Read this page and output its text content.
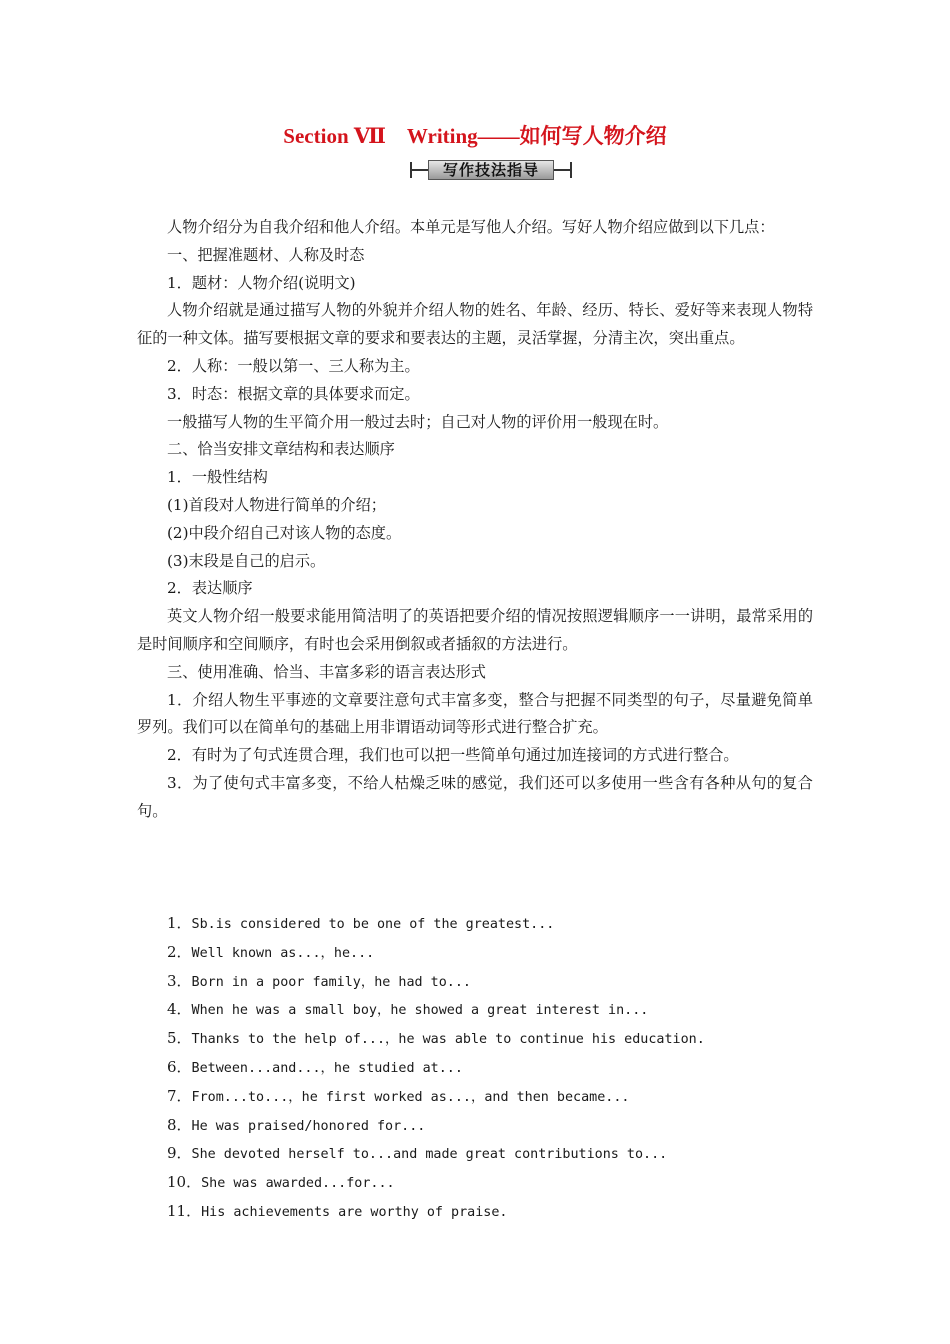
Section Ⅶ　Writing——如何写人物介绍
写作技法指导

人物介绍分为自我介绍和他人介绍。本单元是写他人介绍。写好人物介绍应做到以下几点：

一、把握准题材、人称及时态

1．题材：人物介绍(说明文)

人物介绍就是通过描写人物的外貌并介绍人物的姓名、年龄、经历、特长、爱好等来表现人物特征的一种文体。描写要根据文章的要求和要表达的主题，灵活掌握，分清主次，突出重点。

2．人称：一般以第一、三人称为主。

3．时态：根据文章的具体要求而定。

一般描写人物的生平简介用一般过去时；自己对人物的评价用一般现在时。

二、恰当安排文章结构和表达顺序

1．一般性结构

(1)首段对人物进行简单的介绍；

(2)中段介绍自己对该人物的态度。

(3)末段是自己的启示。

2．表达顺序

英文人物介绍一般要求能用简洁明了的英语把要介绍的情况按照逻辑顺序一一讲明，最常采用的是时间顺序和空间顺序，有时也会采用倒叙或者插叙的方法进行。

三、使用准确、恰当、丰富多彩的语言表达形式

1．介绍人物生平事迹的文章要注意句式丰富多变，整合与把握不同类型的句子，尽量避免简单罗列。我们可以在简单句的基础上用非谓语动词等形式进行整合扩充。

2．有时为了句式连贯合理，我们也可以把一些简单句通过加连接词的方式进行整合。

3．为了使句式丰富多变，不给人枯燥乏味的感觉，我们还可以多使用一些含有各种从句的复合句。

1．Sb.is considered to be one of the greatest...
2．Well known as...，he...
3．Born in a poor family，he had to...
4．When he was a small boy，he showed a great interest in...
5．Thanks to the help of...，he was able to continue his education.
6．Between...and...，he studied at...
7．From...to...，he first worked as...，and then became...
8．He was praised/honored for...
9．She devoted herself to...and made great contributions to...
10．She was awarded...for...
11．His achievements are worthy of praise.
